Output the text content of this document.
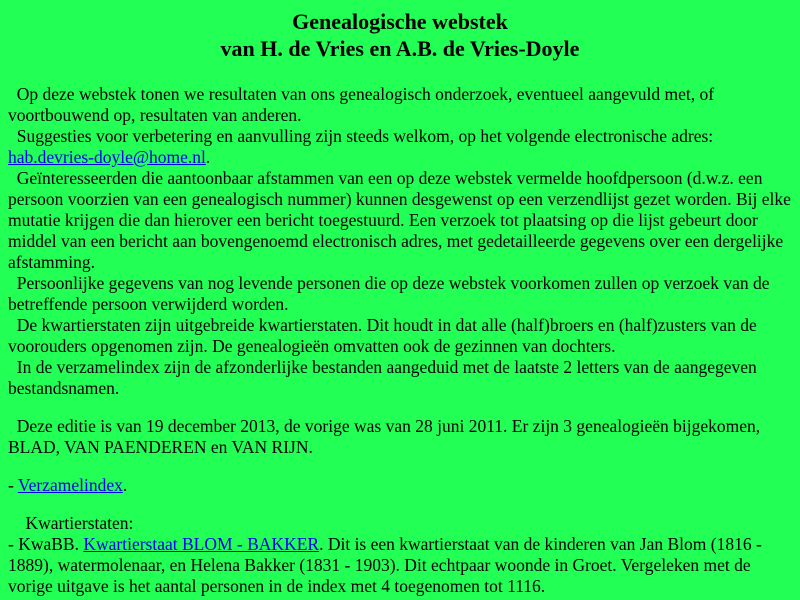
Genealogische webstek
van H. de Vries en A.B. de Vries-Doyle

Op deze webstek tonen we resultaten van ons genealogisch onderzoek, eventueel aangevuld met, of voortbouwend op, resultaten van anderen.

Suggesties voor verbetering en aanvulling zijn steeds welkom, op het volgende electronische adres: hab.devries-doyle@home.nl.

Geïnteresseerden die aantoonbaar afstammen van een op deze webstek vermelde hoofdpersoon (d.w.z. een persoon voorzien van een genealogisch nummer) kunnen desgewenst op een verzendlijst gezet worden. Bij elke mutatie krijgen die dan hierover een bericht toegestuurd. Een verzoek tot plaatsing op die lijst gebeurt door middel van een bericht aan bovengenoemd electronisch adres, met gedetailleerde gegevens over een dergelijke afstamming.

Persoonlijke gegevens van nog levende personen die op deze webstek voorkomen zullen op verzoek van de betreffende persoon verwijderd worden.

De kwartierstaten zijn uitgebreide kwartierstaten. Dit houdt in dat alle (half)broers en (half)zusters van de voorouders opgenomen zijn. De genealogieën omvatten ook de gezinnen van dochters.

In de verzamelindex zijn de afzonderlijke bestanden aangeduid met de laatste 2 letters van de aangegeven bestandsnamen.

Deze editie is van 19 december 2013, de vorige was van 28 juni 2011. Er zijn 3 genealogieën bijgekomen, BLAD, VAN PAENDEREN en VAN RIJN.

- Verzamelindex.

Kwartierstaten:

- KwaBB. Kwartierstaat BLOM - BAKKER. Dit is een kwartierstaat van de kinderen van Jan Blom (1816 - 1889), watermolenaar, en Helena Bakker (1831 - 1903). Dit echtpaar woonde in Groet. Vergeleken met de vorige uitgave is het aantal personen in de index met 4 toegenomen tot 1116.
